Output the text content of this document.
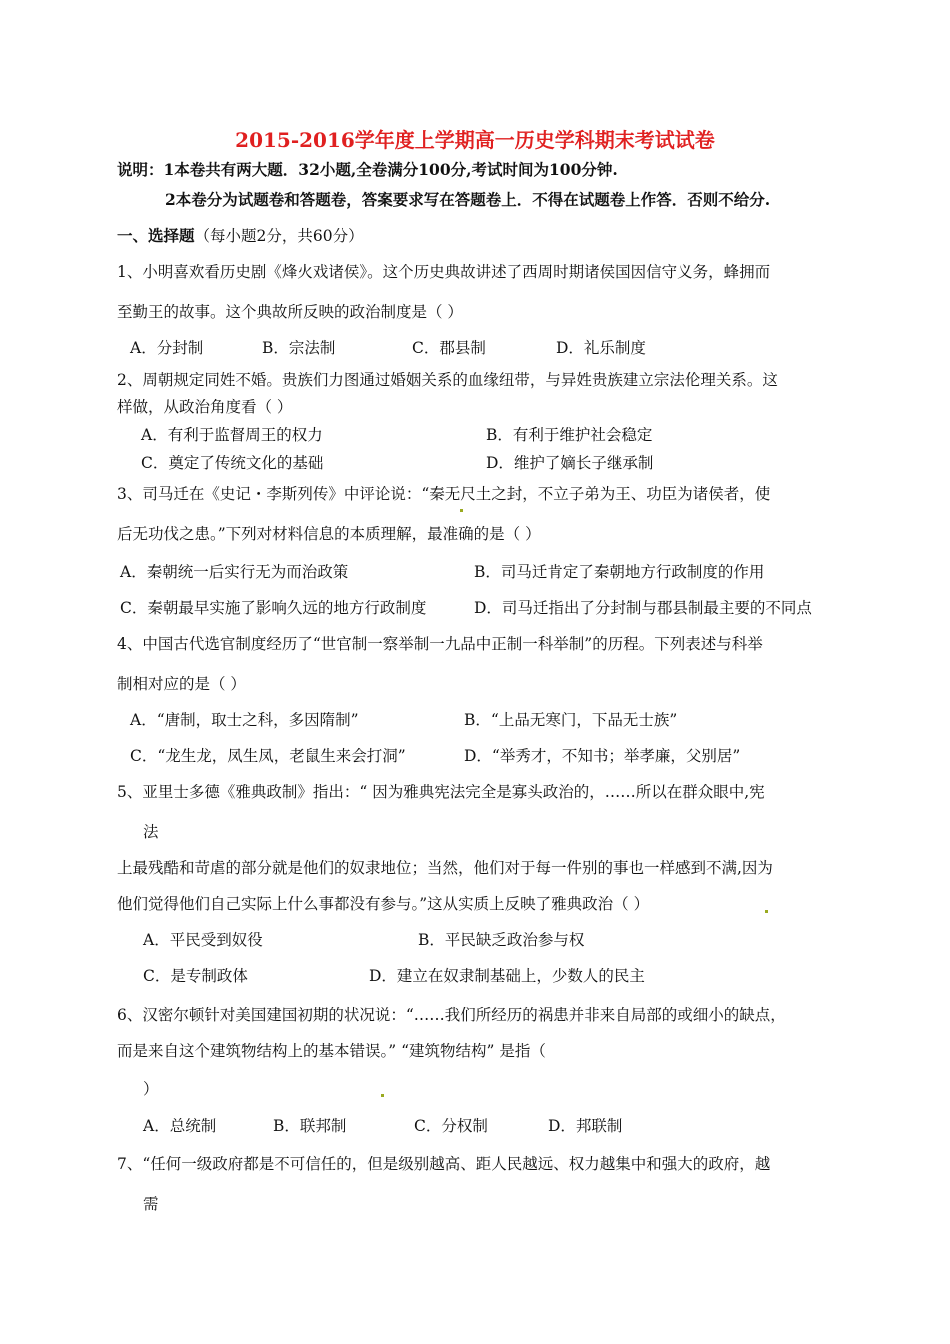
2015-2016学年度上学期高一历史学科期末考试试卷
说明：1本卷共有两大题．32小题,全卷满分100分,考试时间为100分钟.
2本卷分为试题卷和答题卷，答案要求写在答题卷上．不得在试题卷上作答．否则不给分.
一、选择题（每小题2分，共60分）
1、小明喜欢看历史剧《烽火戏诸侯》。这个历史典故讲述了西周时期诸侯国因信守义务，蜂拥而
至勤王的故事。这个典故所反映的政治制度是（ ）
A．分封制	B．宗法制	C．郡县制	D．礼乐制度
2、周朝规定同姓不婚。贵族们力图通过婚姻关系的血缘纽带，与异姓贵族建立宗法伦理关系。这
样做，从政治角度看（ ）
A．有利于监督周王的权力	B．有利于维护社会稳定
C．奠定了传统文化的基础	D．维护了嫡长子继承制
3、司马迁在《史记・李斯列传》中评论说：“秦无尺土之封，不立子弟为王、功臣为诸侯者，使
后无功伐之患。”下列对材料信息的本质理解，最准确的是（ ）
A．秦朝统一后实行无为而治政策	B．司马迁肯定了秦朝地方行政制度的作用
C．秦朝最早实施了影响久远的地方行政制度	D．司马迁指出了分封制与郡县制最主要的不同点
4、中国古代选官制度经历了“世官制一察举制一九品中正制一科举制”的历程。下列表述与科举
制相对应的是（ ）
A．“唐制，取士之科，多因隋制”	B．“上品无寒门，下品无士族”
C．“龙生龙，凤生凤，老鼠生来会打洞”	D．“举秀才，不知书；举孝廉，父别居”
5、亚里士多德《雅典政制》指出：“ 因为雅典宪法完全是寡头政治的，……所以在群众眼中,宪
法
上最残酷和苛虐的部分就是他们的奴隶地位；当然，他们对于每一件别的事也一样感到不满,因为
他们觉得他们自己实际上什么事都没有参与。”这从实质上反映了雅典政治（ ）
A．平民受到奴役	B．平民缺乏政治参与权
C．是专制政体	D．建立在奴隶制基础上，少数人的民主
6、汉密尔顿针对美国建国初期的状况说：“……我们所经历的祸患并非来自局部的或细小的缺点，
而是来自这个建筑物结构上的基本错误。” “建筑物结构” 是指（
）
A．总统制	B．联邦制	C．分权制	D．邦联制
7、“任何一级政府都是不可信任的，但是级别越高、距人民越远、权力越集中和强大的政府，越
需
